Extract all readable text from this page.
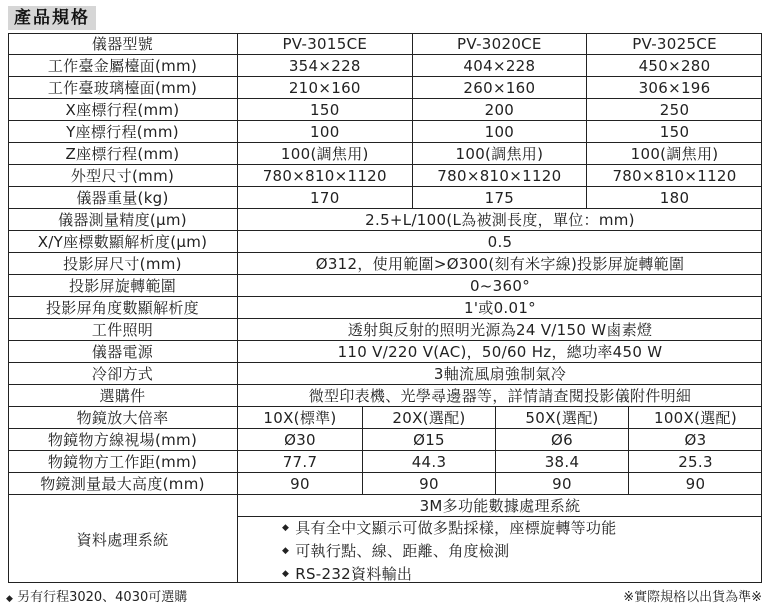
產品規格
儀器型號	PV-3015CE	PV-3020CE	PV-3025CE
工作臺金屬檯面(mm)	354×228	404×228	450×280
工作臺玻璃檯面(mm)	210×160	260×160	306×196
X座標行程(mm)	150	200	250
Y座標行程(mm)	100	100	150
Z座標行程(mm)	100(調焦用)	100(調焦用)	100(調焦用)
外型尺寸(mm)	780×810×1120	780×810×1120	780×810×1120
儀器重量(kg)	170	175	180
儀器測量精度(µm)	2.5+L/100(L為被測長度，單位：mm)
X/Y座標數顯解析度(µm)	0.5
投影屏尺寸(mm)	Ø312，使用範圍>Ø300(刻有米字線)投影屏旋轉範圍
投影屏旋轉範圍	0~360°
投影屏角度數顯解析度	1'或0.01°
工件照明	透射與反射的照明光源為24 V/150 W鹵素燈
儀器電源	110 V/220 V(AC)，50/60 Hz，總功率450 W
冷卻方式	3軸流風扇強制氣冷
選購件	微型印表機、光學尋邊器等，詳情請查閱投影儀附件明細
物鏡放大倍率	10X(標準)	20X(選配)	50X(選配)	100X(選配)
物鏡物方線視場(mm)	Ø30	Ø15	Ø6	Ø3
物鏡物方工作距(mm)	77.7	44.3	38.4	25.3
物鏡測量最大高度(mm)	90	90	90	90
資料處理系統
3M多功能數據處理系統
◆ 具有全中文顯示可做多點採樣，座標旋轉等功能
◆ 可執行點、線、距離、角度檢測
◆ RS-232資料輸出
◆ 另有行程3020、4030可選購	※實際規格以出貨為準※
